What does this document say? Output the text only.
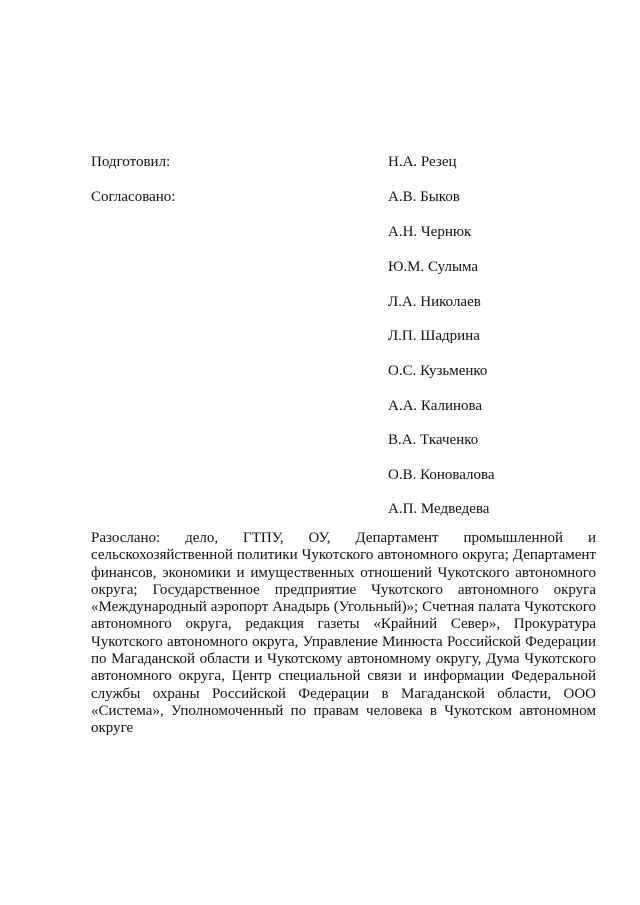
Подготовил:	Н.А. Резец
Согласовано:	А.В. Быков
А.Н. Чернюк
Ю.М. Сулыма
Л.А. Николаев
Л.П. Шадрина
О.С. Кузьменко
А.А. Калинова
В.А. Ткаченко
О.В. Коновалова
А.П. Медведева
Разослано: дело, ГТПУ, ОУ, Департамент промышленной и сельскохозяйственной политики Чукотского автономного округа; Департамент финансов, экономики и имущественных отношений Чукотского автономного округа; Государственное предприятие Чукотского автономного округа «Международный аэропорт Анадырь (Угольный)»; Счетная палата Чукотского автономного округа, редакция газеты «Крайний Север», Прокуратура Чукотского автономного округа, Управление Минюста Российской Федерации по Магаданской области и Чукотскому автономному округу, Дума Чукотского автономного округа, Центр специальной связи и информации Федеральной службы охраны Российской Федерации в Магаданской области, ООО «Система», Уполномоченный по правам человека в Чукотском автономном округе
